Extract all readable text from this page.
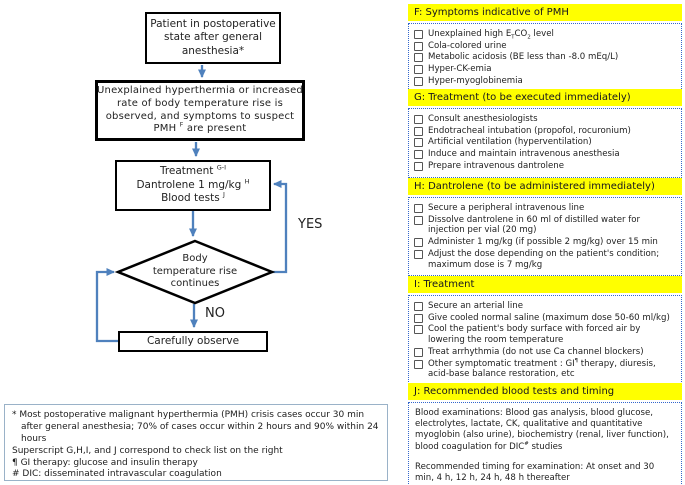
Patient in postoperative
state after general
anesthesia*
Unexplained hyperthermia or increased
rate of body temperature rise is
observed, and symptoms to suspect
PMH $^F$ are present
Treatment $^{G-I}$
Dantrolene 1 mg/kg $^H$
Blood tests $^J$
Body
temperature rise
continues
Carefully observe
YES
NO
* Most postoperative malignant hyperthermia (PMH) crisis cases occur 30 min after general anesthesia; 70% of cases occur within 2 hours and 90% within 24 hours
Superscript G,H,I, and J correspond to check list on the right
¶ GI therapy: glucose and insulin therapy
# DIC: disseminated intravascular coagulation
F: Symptoms indicative of PMH
Unexplained high $E_TCO_2$ level
Cola-colored urine
Metabolic acidosis (BE less than -8.0 mEq/L)
Hyper-CK-emia
Hyper-myoglobinemia
G: Treatment (to be executed immediately)
Consult anesthesiologists
Endotracheal intubation (propofol, rocuronium)
Artificial ventilation (hyperventilation)
Induce and maintain intravenous anesthesia
Prepare intravenous dantrolene
H: Dantrolene (to be administered immediately)
Secure a peripheral intravenous line
Dissolve dantrolene in 60 ml of distilled water for injection per vial (20 mg)
Administer 1 mg/kg (if possible 2 mg/kg) over 15 min
Adjust the dose depending on the patient's condition; maximum dose is 7 mg/kg
I: Treatment
Secure an arterial line
Give cooled normal saline (maximum dose 50-60 ml/kg)
Cool the patient's body surface with forced air by lowering the room temperature
Treat arrhythmia (do not use Ca channel blockers)
Other symptomatic treatment : GI¶ therapy, diuresis, acid-base balance restoration, etc
J: Recommended blood tests and timing

Blood examinations: Blood gas analysis, blood glucose, electrolytes, lactate, CK, qualitative and quantitative myoglobin (also urine), biochemistry (renal, liver function), blood coagulation for DIC# studies

Recommended timing for examination: At onset and 30 min, 4 h, 12 h, 24 h, 48 h thereafter
